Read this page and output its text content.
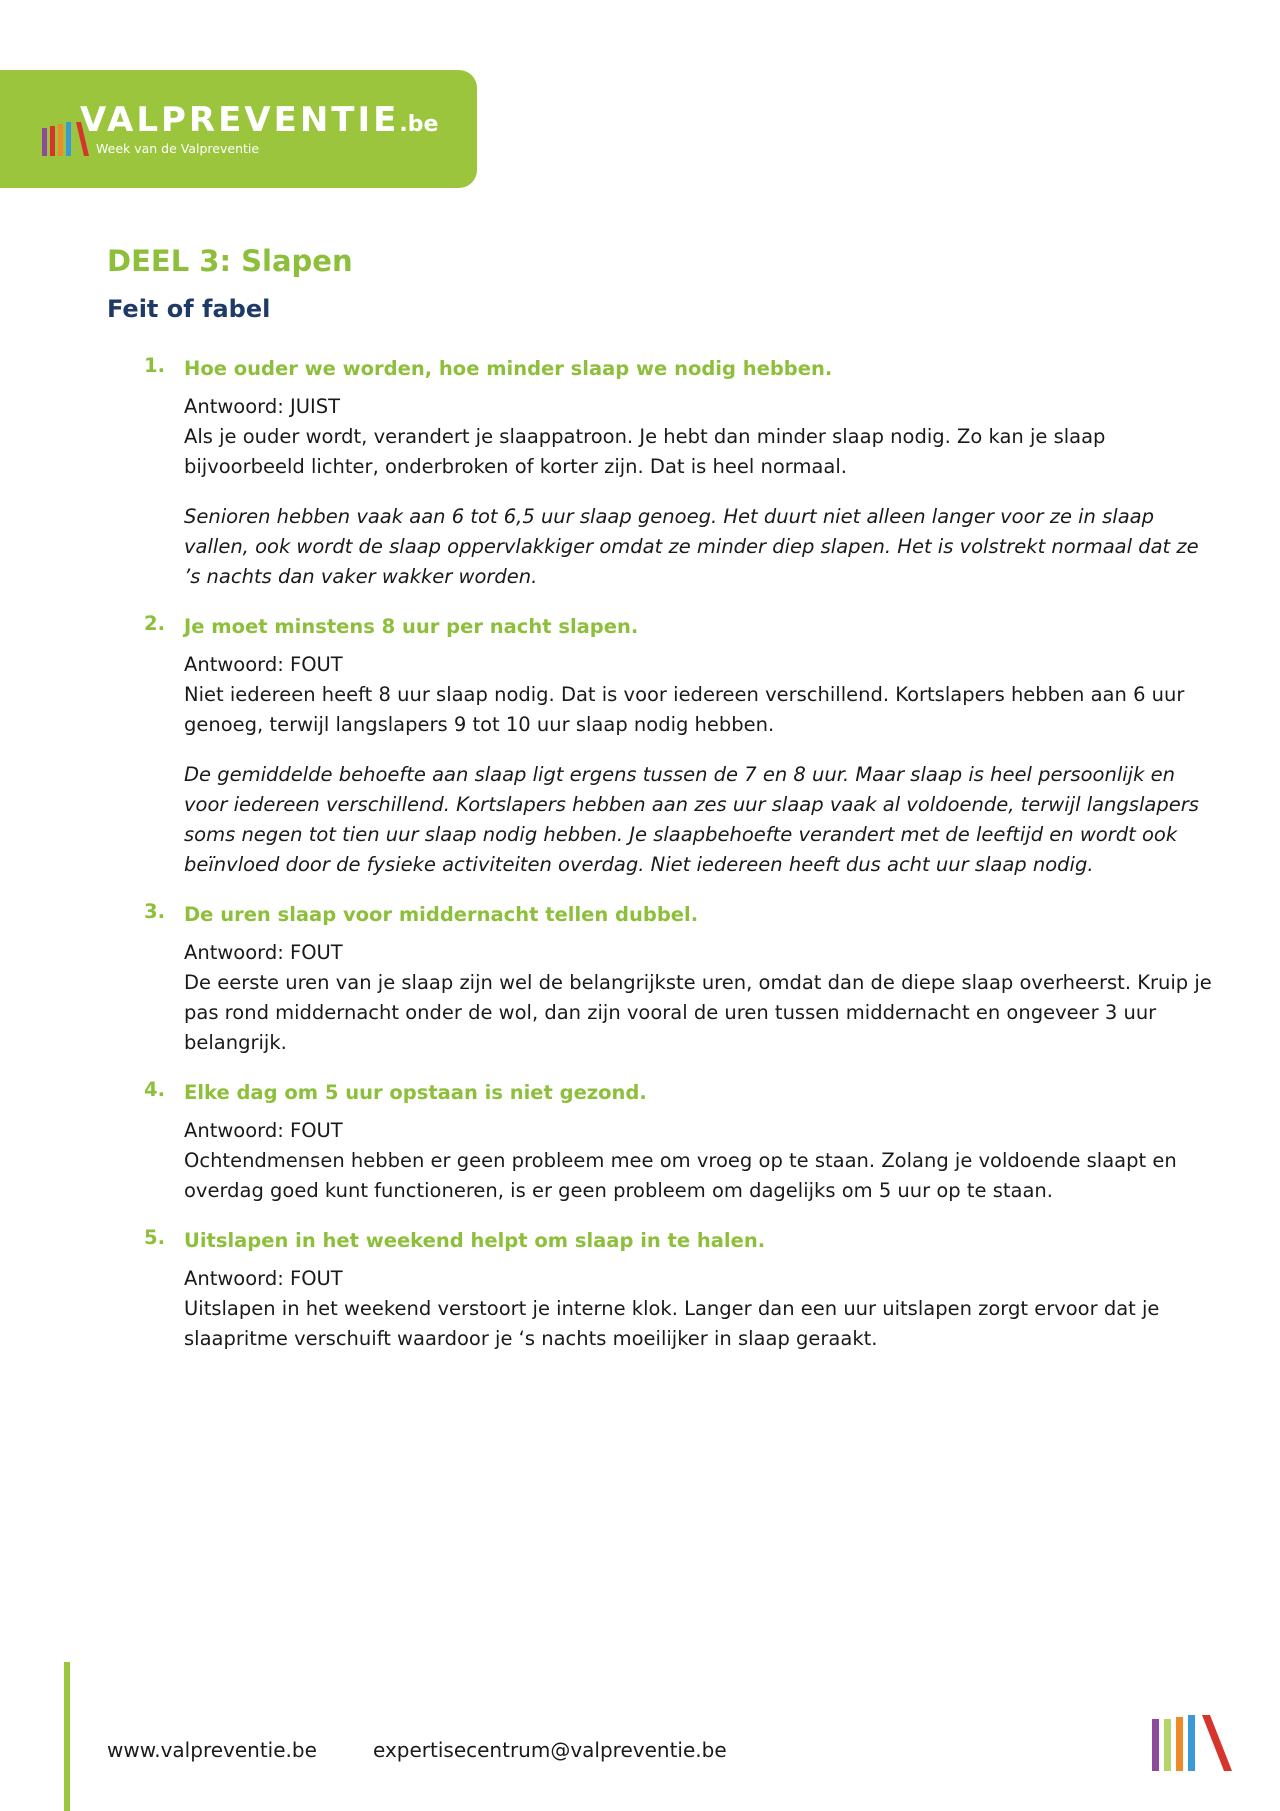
VALPREVENTIE.be
Week van de Valpreventie
DEEL 3: Slapen
Feit of fabel
1. Hoe ouder we worden, hoe minder slaap we nodig hebben.
Antwoord: JUIST

Als je ouder wordt, verandert je slaappatroon. Je hebt dan minder slaap nodig. Zo kan je slaap bijvoorbeeld lichter, onderbroken of korter zijn. Dat is heel normaal.

Senioren hebben vaak aan 6 tot 6,5 uur slaap genoeg. Het duurt niet alleen langer voor ze in slaap vallen, ook wordt de slaap oppervlakkiger omdat ze minder diep slapen. Het is volstrekt normaal dat ze ’s nachts dan vaker wakker worden.

2. Je moet minstens 8 uur per nacht slapen.
Antwoord: FOUT

Niet iedereen heeft 8 uur slaap nodig. Dat is voor iedereen verschillend. Kortslapers hebben aan 6 uur genoeg, terwijl langslapers 9 tot 10 uur slaap nodig hebben.

De gemiddelde behoefte aan slaap ligt ergens tussen de 7 en 8 uur. Maar slaap is heel persoonlijk en voor iedereen verschillend. Kortslapers hebben aan zes uur slaap vaak al voldoende, terwijl langslapers soms negen tot tien uur slaap nodig hebben. Je slaapbehoefte verandert met de leeftijd en wordt ook beïnvloed door de fysieke activiteiten overdag. Niet iedereen heeft dus acht uur slaap nodig.

3. De uren slaap voor middernacht tellen dubbel.
Antwoord: FOUT

De eerste uren van je slaap zijn wel de belangrijkste uren, omdat dan de diepe slaap overheerst. Kruip je pas rond middernacht onder de wol, dan zijn vooral de uren tussen middernacht en ongeveer 3 uur belangrijk.

4. Elke dag om 5 uur opstaan is niet gezond.
Antwoord: FOUT

Ochtendmensen hebben er geen probleem mee om vroeg op te staan. Zolang je voldoende slaapt en overdag goed kunt functioneren, is er geen probleem om dagelijks om 5 uur op te staan.

5. Uitslapen in het weekend helpt om slaap in te halen.
Antwoord: FOUT

Uitslapen in het weekend verstoort je interne klok. Langer dan een uur uitslapen zorgt ervoor dat je slaapritme verschuift waardoor je ‘s nachts moeilijker in slaap geraakt.

www.valpreventie.be	expertisecentrum@valpreventie.be
